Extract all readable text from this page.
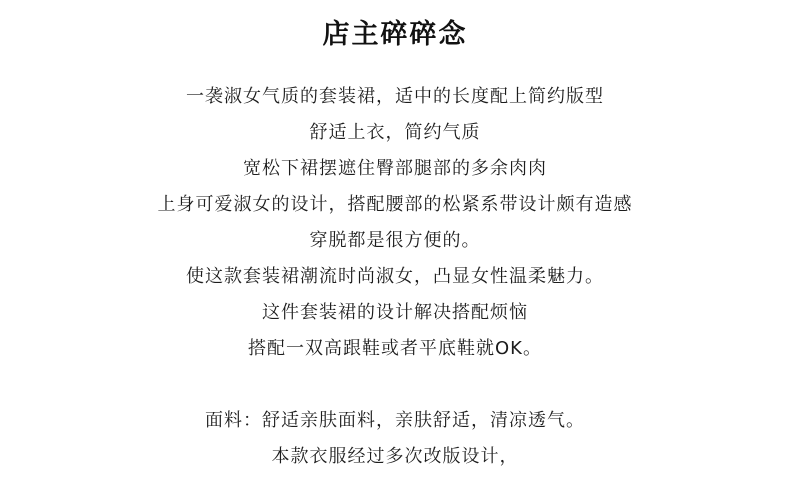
店主碎碎念
一袭淑女气质的套装裙，适中的长度配上简约版型
舒适上衣，简约气质
宽松下裙摆遮住臀部腿部的多余肉肉
上身可爱淑女的设计，搭配腰部的松紧系带设计颇有造感
穿脱都是很方便的。
使这款套装裙潮流时尚淑女，凸显女性温柔魅力。
这件套装裙的设计解决搭配烦恼
搭配一双高跟鞋或者平底鞋就OK。
面料：舒适亲肤面料，亲肤舒适，清凉透气。
本款衣服经过多次改版设计，
